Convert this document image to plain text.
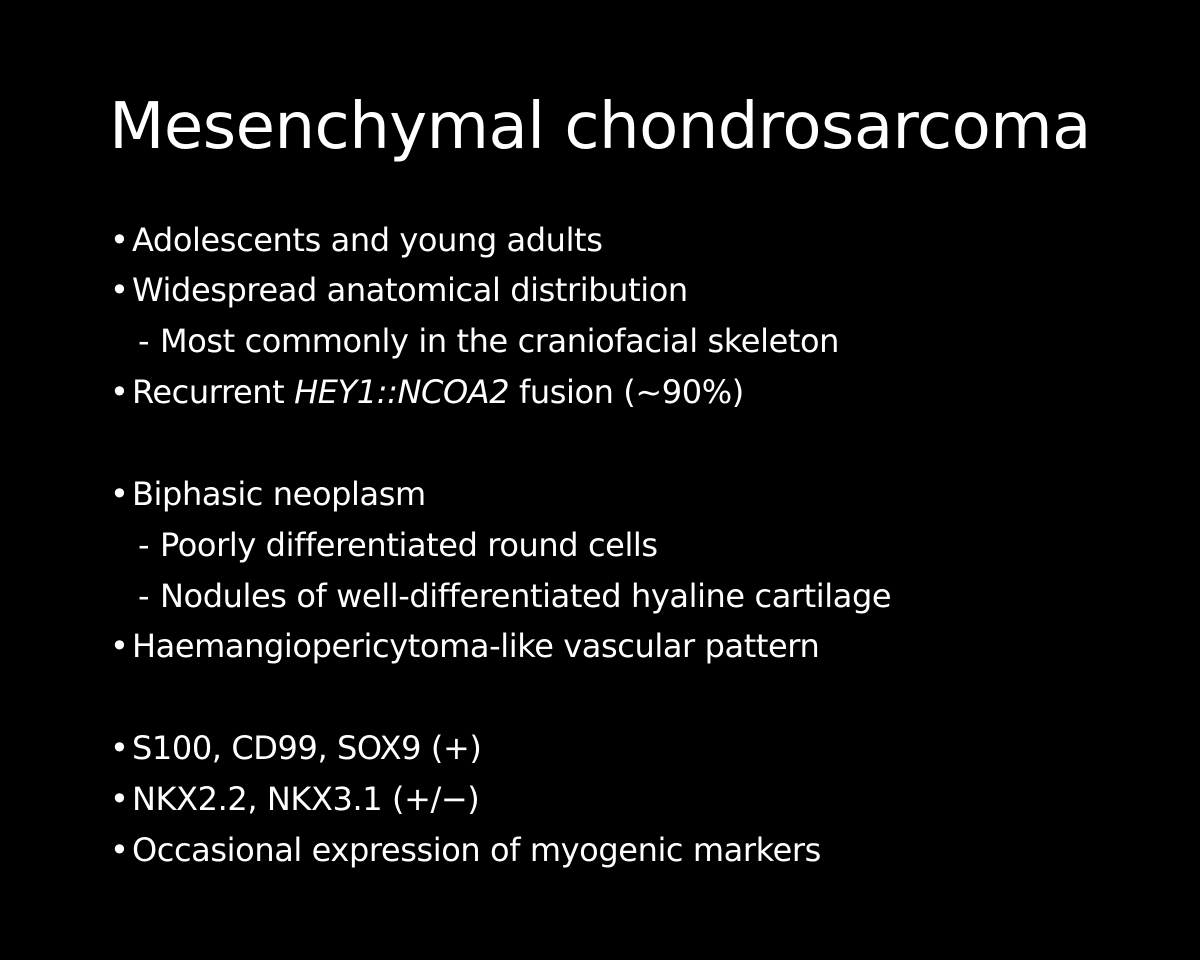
Mesenchymal chondrosarcoma
• Adolescents and young adults
• Widespread anatomical distribution
- Most commonly in the craniofacial skeleton
• Recurrent HEY1::NCOA2 fusion (~90%)
• Biphasic neoplasm
- Poorly differentiated round cells
- Nodules of well-differentiated hyaline cartilage
• Haemangiopericytoma-like vascular pattern
• S100, CD99, SOX9 (+)
• NKX2.2, NKX3.1 (+/−)
• Occasional expression of myogenic markers
